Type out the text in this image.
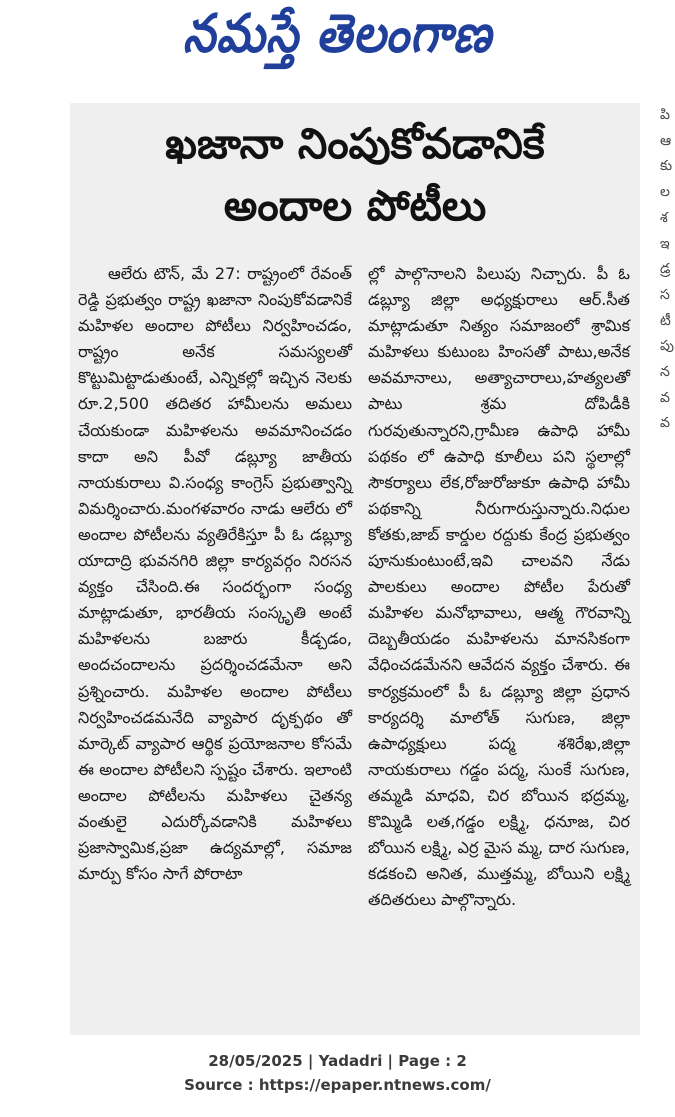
నమస్తే తెలంగాణ
పి
ఆ
కు
ల
శ
ఇ
డ్ర
స
టీ
పు
న
వ
వ
ఖజానా నింపుకోవడానికే
అందాల పోటీలు
ఆలేరు టౌన్, మే 27: రాష్ట్రంలో రేవంత్ రెడ్డి ప్రభుత్వం రాష్ట్ర ఖజానా నింపుకోవడానికే మహిళల అందాల పోటీలు నిర్వహించడం, రాష్ట్రం అనేక సమస్యలతో కొట్టుమిట్టాడుతుంటే, ఎన్నికల్లో ఇచ్చిన నెలకు రూ.2,500 తదితర హామీలను అమలు చేయకుండా మహిళలను అవమానించడం కాదా అని పీవో డబ్ల్యూ జాతీయ నాయకురాలు వి.సంధ్య కాంగ్రెస్ ప్రభుత్వాన్ని విమర్శించారు.మంగళవారం నాడు ఆలేరు లో అందాల పోటీలను వ్యతిరేకిస్తూ పీ ఓ డబ్ల్యూ యాదాద్రి భువనగిరి జిల్లా కార్యవర్గం నిరసన వ్యక్తం చేసింది.ఈ సందర్భంగా సంధ్య మాట్లాడుతూ, భారతీయ సంస్కృతి అంటే మహిళలను బజారు కీడ్చడం, అందచందాలను ప్రదర్శించడమేనా అని ప్రశ్నించారు. మహిళల అందాల పోటీలు నిర్వహించడమనేది వ్యాపార దృక్పథం తో మార్కెట్ వ్యాపార ఆర్థిక ప్రయోజనాల కోసమే ఈ అందాల పోటీలని స్పష్టం చేశారు. ఇలాంటి అందాల పోటీలను మహిళలు చైతన్య వంతులై ఎదుర్కోవడానికి మహిళలు ప్రజాస్వామిక,ప్రజా ఉద్యమాల్లో, సమాజ మార్పు కోసం సాగే పోరాటా
ల్లో పాల్గొనాలని పిలుపు నిచ్చారు. పీ ఓ డబ్ల్యూ జిల్లా అధ్యక్షురాలు ఆర్.సీత మాట్లాడుతూ నిత్యం సమాజంలో శ్రామిక మహిళలు కుటుంబ హింసతో పాటు,అనేక అవమానాలు, అత్యాచారాలు,హత్యలతో పాటు శ్రమ దోపిడీకి గురవుతున్నారని,గ్రామీణ ఉపాధి హామీ పథకం లో ఉపాధి కూలీలు పని స్థలాల్లో సౌకర్యాలు లేక,రోజురోజుకూ ఉపాధి హామీ పథకాన్ని నీరుగారుస్తున్నారు.నిధుల కోతకు,జాబ్ కార్డుల రద్దుకు కేంద్ర ప్రభుత్వం పూనుకుంటుంటే,ఇవి చాలవని నేడు పాలకులు అందాల పోటీల పేరుతో మహిళల మనోభావాలు, ఆత్మ గౌరవాన్ని దెబ్బతీయడం మహిళలను మానసికంగా వేధించడమేనని ఆవేదన వ్యక్తం చేశారు. ఈ కార్యక్రమంలో పీ ఓ డబ్ల్యూ జిల్లా ప్రధాన కార్యదర్శి మాలోత్ సుగుణ, జిల్లా ఉపాధ్యక్షులు పద్మ శశిరేఖ,జిల్లా నాయకురాలు గడ్డం పద్మ, సుంకే సుగుణ, తమ్మడి మాధవి, చిర బోయిన భద్రమ్మ, కొమ్మిడి లత,గడ్డం లక్ష్మి, ధనూజ, చిర బోయిన లక్ష్మి, ఎర్ర మైస మ్మ, దార సుగుణ, కడకంచి అనిత, ముత్తమ్మ, బోయిని లక్ష్మి తదితరులు పాల్గొన్నారు.
28/05/2025 | Yadadri | Page : 2
Source : https://epaper.ntnews.com/
